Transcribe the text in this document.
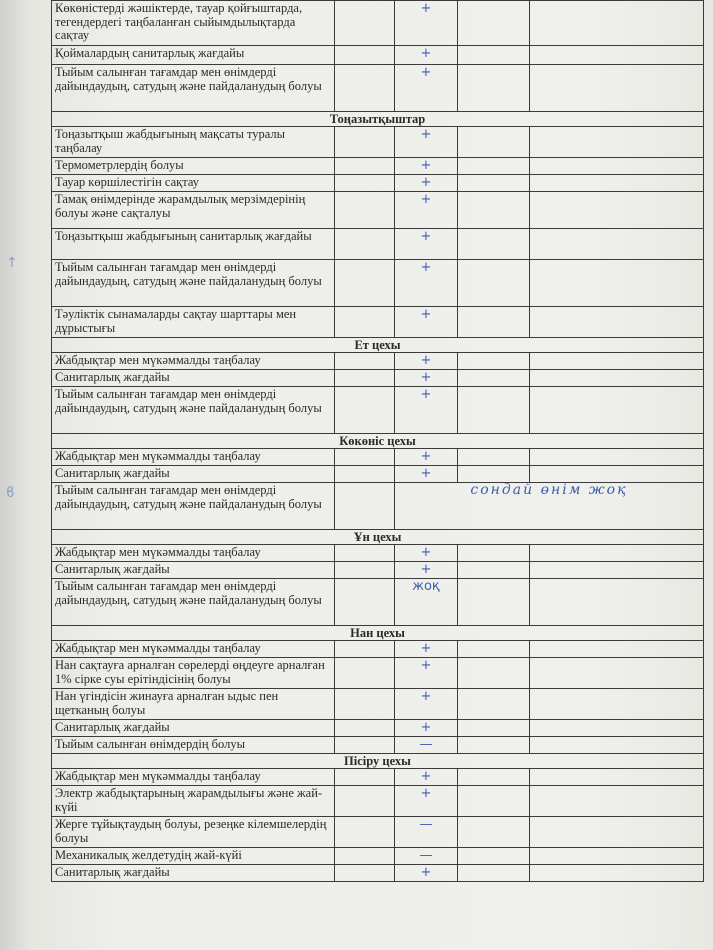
↑
ϐ
Көкөністерді жәшіктерде, тауар қойғыштарда, тегендердегі таңбаланған сыйымдылықтарда сақтау		+		
Қоймалардың санитарлық жағдайы		+		
Тыйым салынған тағамдар мен өнімдерді дайындаудың, сатудың және пайдаланудың болуы		+		
Тоңазытқыштар				
Тоңазытқыш жабдығының мақсаты туралы таңбалау		+		
Термометрлердің болуы		+		
Тауар көршілестігін сақтау		+		
Тамақ өнімдерінде жарамдылық мерзімдерінің болуы және сақталуы		+		
Тоңазытқыш жабдығының санитарлық жағдайы		+		
Тыйым салынған тағамдар мен өнімдерді дайындаудың, сатудың және пайдаланудың болуы		+		
Тәуліктік сынамаларды сақтау шарттары мен дұрыстығы		+		
Ет цехы				
Жабдықтар мен мүкәммалды таңбалау		+		
Санитарлық жағдайы		+		
Тыйым салынған тағамдар мен өнімдерді дайындаудың, сатудың және пайдаланудың болуы		+		
Көкөніс цехы				
Жабдықтар мен мүкәммалды таңбалау		+		
Санитарлық жағдайы		+		
Тыйым салынған тағамдар мен өнімдерді дайындаудың, сатудың және пайдаланудың болуы		сондай өнім жоқ		
Ұн цехы				
Жабдықтар мен мүкәммалды таңбалау		+		
Санитарлық жағдайы		+		
Тыйым салынған тағамдар мен өнімдерді дайындаудың, сатудың және пайдаланудың болуы		жоқ		
Нан цехы				
Жабдықтар мен мүкәммалды таңбалау		+		
Нан сақтауға арналған сөрелерді өңдеуге арналған 1% сірке суы ерітіндісінің болуы		+		
Нан үгіндісін жинауға арналған ыдыс пен щетканың болуы		+		
Санитарлық жағдайы		+		
Тыйым салынған өнімдердің болуы		—		
Пісіру цехы				
Жабдықтар мен мүкәммалды таңбалау		+		
Электр жабдықтарының жарамдылығы және жай-күйі		+		
Жерге тұйықтаудың болуы, резеңке кілемшелердің болуы		—		
Механикалық желдетудің жай-күйі		—		
Санитарлық жағдайы		+		
